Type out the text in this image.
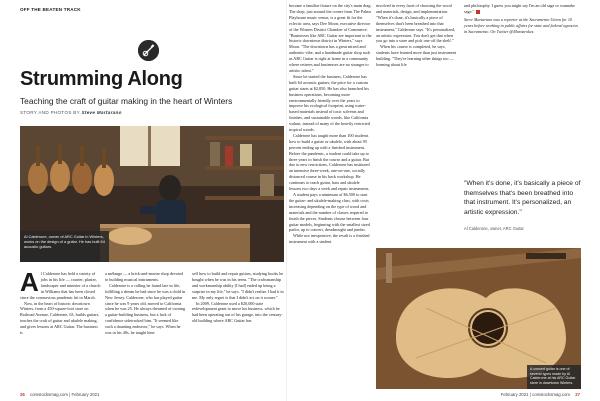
OFF THE BEATEN TRACK
Strumming Along
Teaching the craft of guitar making in the heart of Winters
STORY AND PHOTOS BY Steve Martarano

Al Calderone, owner of ARC Guitar in Winters, works on the design of a guitar. He has built 64 acoustic guitars.

A l Calderone has held a variety of jobs in his life — courier, plaster, landscaper and minister of a church in Williams that has been closed since the coronavirus pandemic hit in March.

Now, in the heart of historic downtown Winters, from a 450-square-foot store on Railroad Avenue, Calderone, 63, builds guitars, teaches the craft of guitar and ukulele making, and gives lessons at ARC Guitar. The business is

a mélange — a brick-and-mortar shop devoted to building musical instruments.

Calderone is a calling he found late in life, fulfilling a dream he had since he was a child in New Jersey. Calderone, who has played guitar since he was 9 years old, moved to California when he was 25. He always dreamed of owning a guitar-building business, but a lack of confidence sidetracked him. "It seemed like such a daunting endeavor," he says. When he was in his 40s, he taught him-

self how to build and repair guitars, studying books he bought when he was in his teens. "The craftsmanship and workmanship ability [I had] ended up being a surprise in my life," he says. "I didn't realize I had it in me. My only regret is that I didn't act on it sooner."

In 2009, Calderone used a $20,000 state redevelopment grant to move his business, which he had been operating out of his garage, into the century-old building where ARC Guitar has

become a familiar fixture on the city's main drag. The shop, just around the corner from The Palms Playhouse music venue, is a great fit for the eclectic area, says Dee Moon, executive director of the Winters District Chamber of Commerce. "Businesses like ARC Guitar are important to the historic downtown district in Winters," says Moon. "The downtown has a great mixed and authentic vibe, and a handmade guitar shop such as ARC Guitar is right at home in a community where retirees and businesses are no stranger to artistic talent."

Since he started the business, Calderone has built 64 acoustic guitars; the price for a custom guitar starts at $2,850. He has also branched his business operations, becoming more environmentally friendly over the years to improve his ecological footprint, using water-based materials instead of toxic solvents and finishes, and sustainable woods, like California walnut, instead of many of the heavily restricted tropical woods.

Calderone has taught more than 100 students how to build a guitar or ukulele, with about 95 percent ending up with a finished instrument. Before the pandemic, a student could take up to three years to finish the course and a guitar. But due to new restrictions, Calderone has instituted an intensive three-week, one-on-one, socially distanced course in his back workshop. He continues to teach guitar, bass and ukulele lessons two days a week and repair instruments.

A student pays a minimum of $6,500 to start the guitar- and ukulele-making class, with costs increasing depending on the type of wood and materials and the number of classes required to finish the pieces. Students choose between four guitar models, beginning with the smallest sized parlor, up to concert, dreadnought and jumbo.

While not inexpensive, the result is a finished instrument with a student

involved in every facet of choosing the wood and materials, design, and implementation. "When it's done, it's basically a piece of themselves that's been breathed into that instrument," Calderone says. "It's personalized, an artistic expression. You don't get that when you go into a store and pick one off the shelf."

When his course is completed, he says, students have learned more than just instrument building. "They're learning other things too — learning about life

and philosophy. I guess you might say I'm an old sage or wannabe sage."

Steve Martarano was a reporter at the Sacramento Union for 10 years before working in public affairs for state and federal agencies in Sacramento. On Twitter @Martstrokes.

"When it's done, it's basically a piece of themselves that's been breathed into that instrument. It's personalized, an artistic expression."
Al Calderone, owner, ARC Guitar

A concert guitar is one of several types made by Al Calderone at his ARC Guitar store in downtown Winters.

26 comstocksmag.com | February 2021	February 2021 | comstocksmag.com 27
